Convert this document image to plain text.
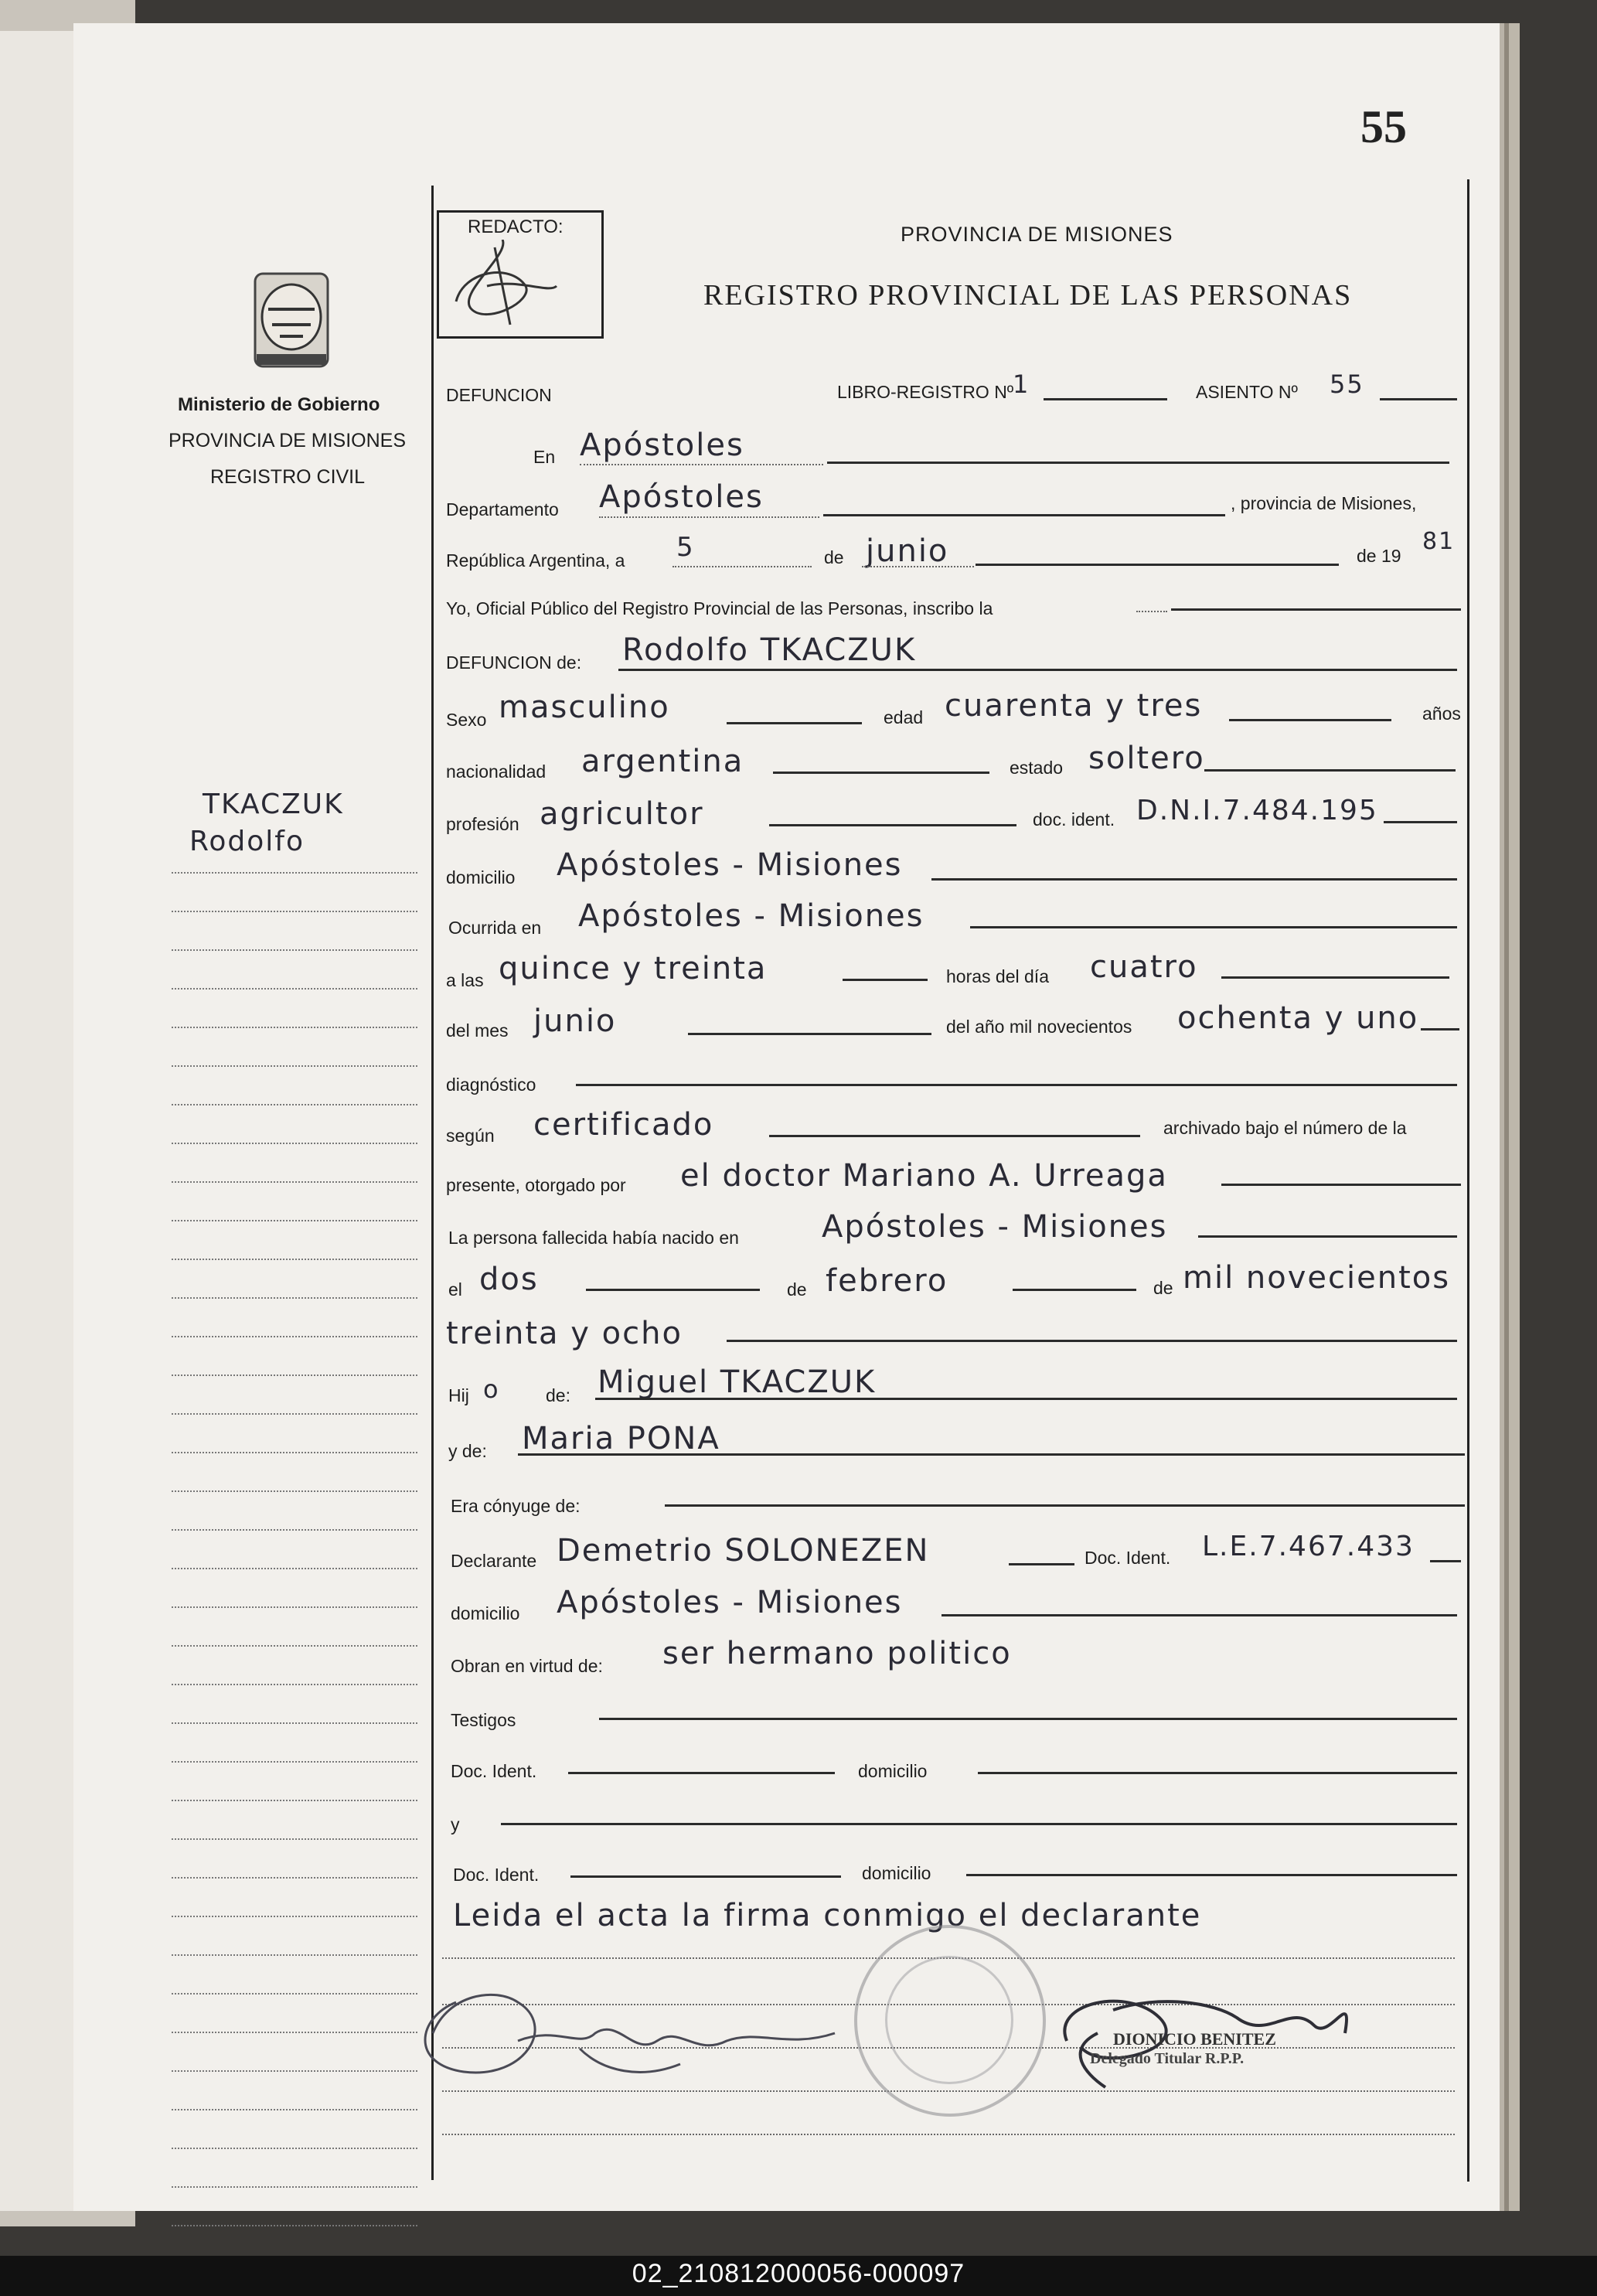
55
REDACTO:	PROVINCIA DE MISIONES
REGISTRO PROVINCIAL DE LAS PERSONAS
Ministerio de Gobierno
PROVINCIA DE MISIONES
REGISTRO CIVIL
TKACZUK
Rodolfo
DEFUNCION	LIBRO-REGISTRO Nº
1	ASIENTO Nº 55
En Apóstoles
Departamento Apóstoles	, provincia de Misiones,
República Argentina, a 5	de junio	de 19
81
Yo, Oficial Público del Registro Provincial de las Personas, inscribo la
DEFUNCION de: Rodolfo TKACZUK
Sexo masculino	edad cuarenta y tres	años
nacionalidad argentina	estado soltero
profesión agricultor	doc. ident. D.N.I.7.484.195
domicilio Apóstoles - Misiones
Ocurrida en Apóstoles - Misiones
a las quince y treinta	horas del día cuatro
del mes junio	del año mil novecientos ochenta y uno
diagnóstico
según certificado	archivado bajo el número de la
presente, otorgado por el doctor Mariano A. Urreaga
La persona fallecida había nacido en	Apóstoles - Misiones
el dos	de febrero	de mil novecientos
treinta y ocho
Hij o	de: Miguel TKACZUK
y de: Maria PONA
Era cónyuge de:
Declarante Demetrio SOLONEZEN	Doc. Ident. L.E.7.467.433
domicilio Apóstoles - Misiones
Obran en virtud de: ser hermano politico
Testigos
Doc. Ident.	domicilio
y
Doc. Ident.	domicilio
Leida el acta la firma conmigo el declarante
DIONICIO BENITEZ
Delegado Titular R.P.P.
02_210812000056-000097
